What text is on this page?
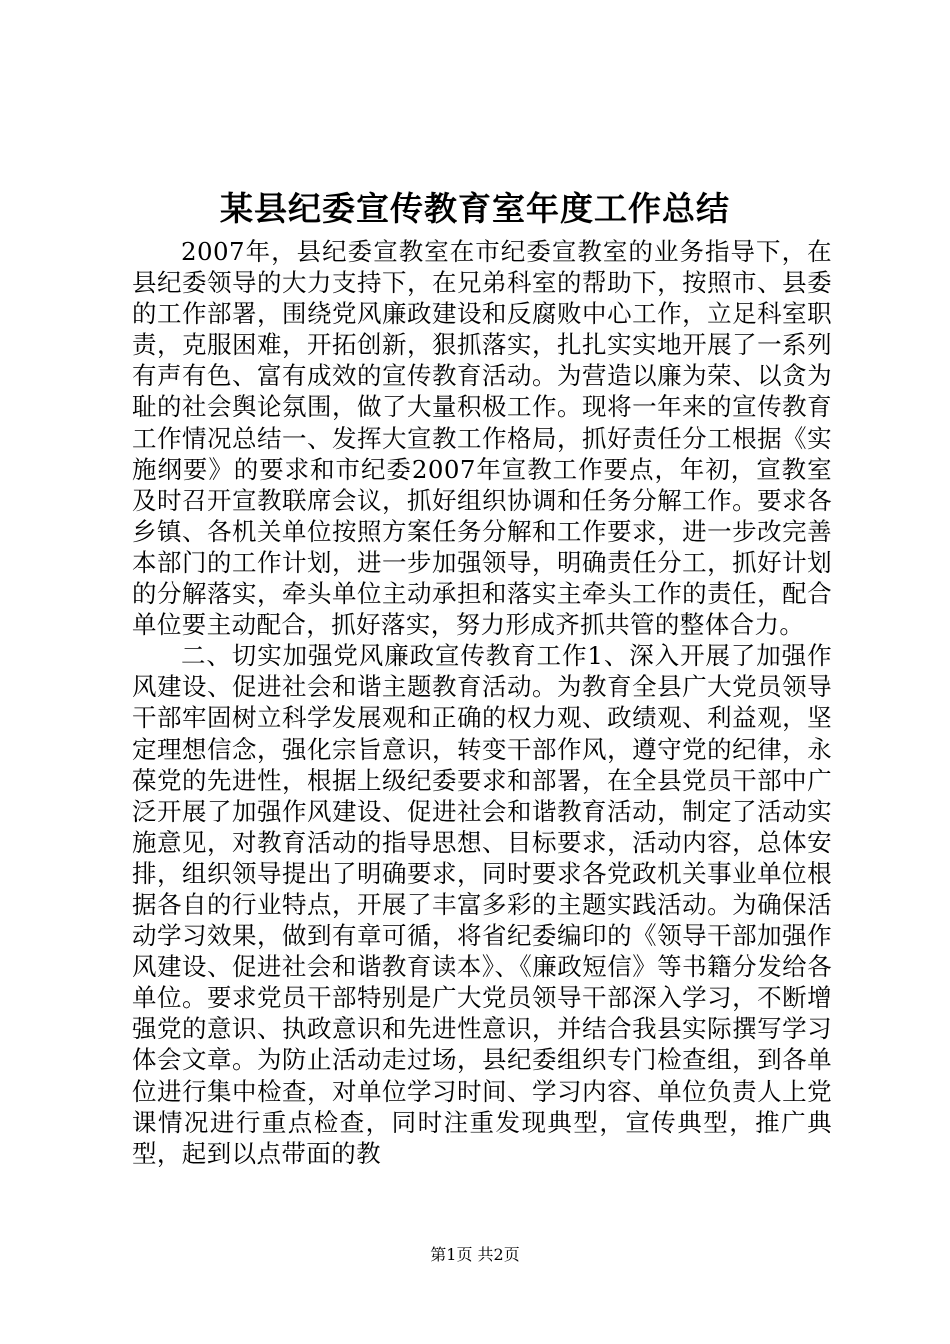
某县纪委宣传教育室年度工作总结

2007年，县纪委宣教室在市纪委宣教室的业务指导下，在县纪委领导的大力支持下，在兄弟科室的帮助下，按照市、县委的工作部署，围绕党风廉政建设和反腐败中心工作，立足科室职责，克服困难，开拓创新，狠抓落实，扎扎实实地开展了一系列有声有色、富有成效的宣传教育活动。为营造以廉为荣、以贪为耻的社会舆论氛围，做了大量积极工作。现将一年来的宣传教育工作情况总结一、发挥大宣教工作格局，抓好责任分工根据《实施纲要》的要求和市纪委2007年宣教工作要点，年初，宣教室及时召开宣教联席会议，抓好组织协调和任务分解工作。要求各乡镇、各机关单位按照方案任务分解和工作要求，进一步改完善本部门的工作计划，进一步加强领导，明确责任分工，抓好计划的分解落实，牵头单位主动承担和落实主牵头工作的责任，配合单位要主动配合，抓好落实，努力形成齐抓共管的整体合力。

二、切实加强党风廉政宣传教育工作1、深入开展了加强作风建设、促进社会和谐主题教育活动。为教育全县广大党员领导干部牢固树立科学发展观和正确的权力观、政绩观、利益观，坚定理想信念，强化宗旨意识，转变干部作风，遵守党的纪律，永葆党的先进性，根据上级纪委要求和部署，在全县党员干部中广泛开展了加强作风建设、促进社会和谐教育活动，制定了活动实施意见，对教育活动的指导思想、目标要求，活动内容，总体安排，组织领导提出了明确要求，同时要求各党政机关事业单位根据各自的行业特点，开展了丰富多彩的主题实践活动。为确保活动学习效果，做到有章可循，将省纪委编印的《领导干部加强作风建设、促进社会和谐教育读本》、《廉政短信》等书籍分发给各单位。要求党员干部特别是广大党员领导干部深入学习，不断增强党的意识、执政意识和先进性意识，并结合我县实际撰写学习体会文章。为防止活动走过场，县纪委组织专门检查组，到各单位进行集中检查，对单位学习时间、学习内容、单位负责人上党课情况进行重点检查，同时注重发现典型，宣传典型，推广典型，起到以点带面的教

第1页 共2页
